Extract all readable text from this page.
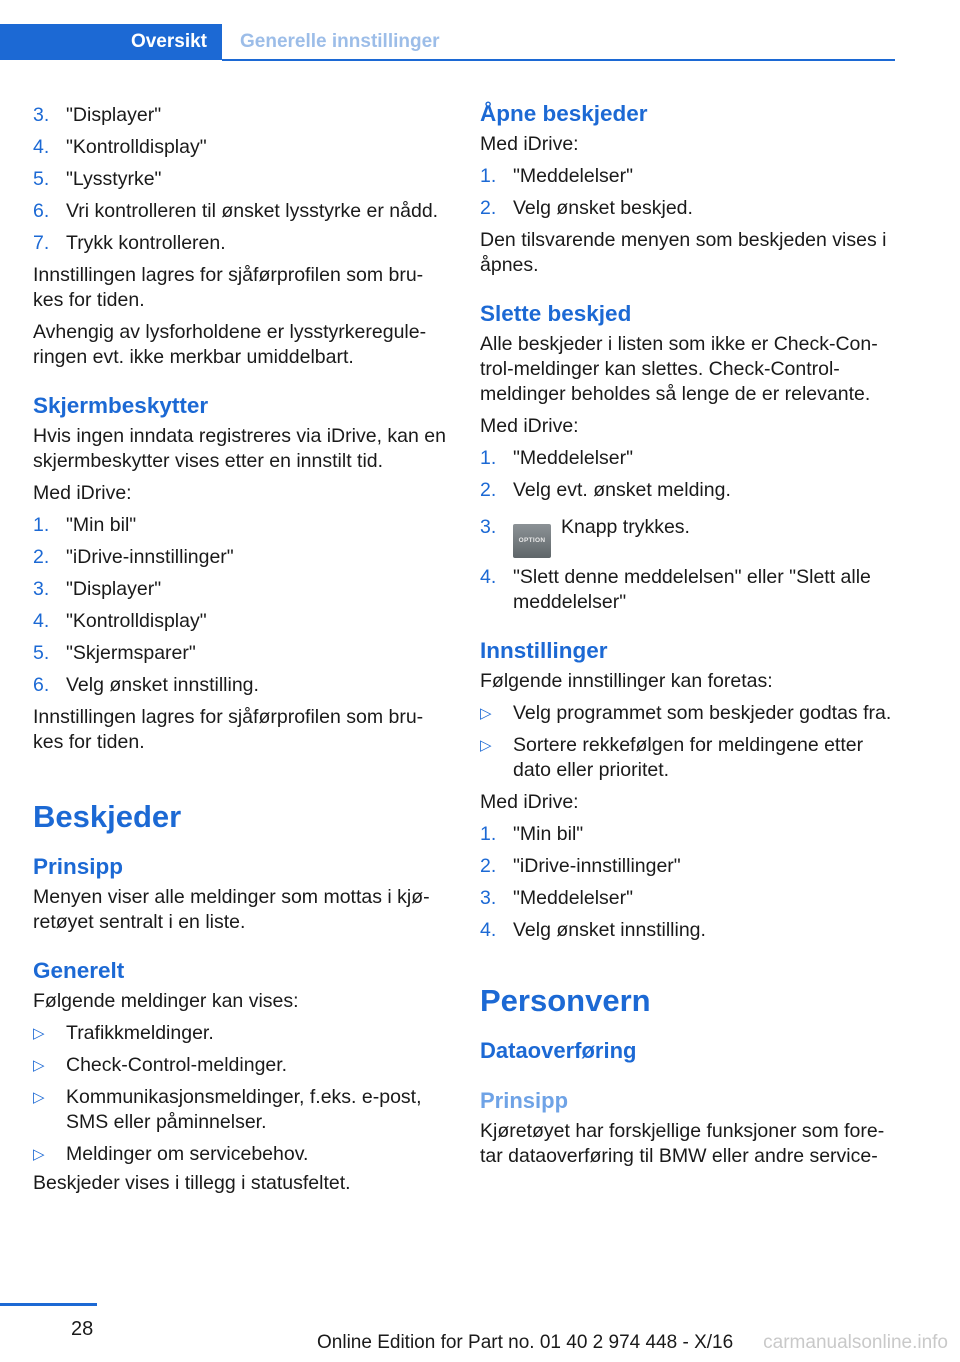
Oversikt	Generelle innstillinger
3. "Displayer"
4. "Kontrolldisplay"
5. "Lysstyrke"
6. Vri kontrolleren til ønsket lysstyrke er nådd.
7. Trykk kontrolleren.
Innstillingen lagres for sjåførprofilen som bru-kes for tiden.
Avhengig av lysforholdene er lysstyrkeregule-ringen evt. ikke merkbar umiddelbart.
Skjermbeskytter
Hvis ingen inndata registreres via iDrive, kan en skjermbeskytter vises etter en innstilt tid.
Med iDrive:
1. "Min bil"
2. "iDrive-innstillinger"
3. "Displayer"
4. "Kontrolldisplay"
5. "Skjermsparer"
6. Velg ønsket innstilling.
Innstillingen lagres for sjåførprofilen som bru-kes for tiden.
Beskjeder
Prinsipp
Menyen viser alle meldinger som mottas i kjø-retøyet sentralt i en liste.
Generelt
Følgende meldinger kan vises:
▷ Trafikkmeldinger.
▷ Check-Control-meldinger.
▷ Kommunikasjonsmeldinger, f.eks. e-post, SMS eller påminnelser.
▷ Meldinger om servicebehov.
Beskjeder vises i tillegg i statusfeltet.
Åpne beskjeder
Med iDrive:
1. "Meddelelser"
2. Velg ønsket beskjed.
Den tilsvarende menyen som beskjeden vises i åpnes.
Slette beskjed
Alle beskjeder i listen som ikke er Check-Con-trol-meldinger kan slettes. Check-Control-meldinger beholdes så lenge de er relevante.
Med iDrive:
1. "Meddelelser"
2. Velg evt. ønsket melding.
3.
OPTIONKnapp trykkes.
4. "Slett denne meddelelsen" eller "Slett alle meddelelser"
Innstillinger
Følgende innstillinger kan foretas:
▷ Velg programmet som beskjeder godtas fra.
▷ Sortere rekkefølgen for meldingene etter dato eller prioritet.
Med iDrive:
1. "Min bil"
2. "iDrive-innstillinger"
3. "Meddelelser"
4. Velg ønsket innstilling.
Personvern
Dataoverføring
Prinsipp
Kjøretøyet har forskjellige funksjoner som fore-tar dataoverføring til BMW eller andre service-
28
Online Edition for Part no. 01 40 2 974 448 - X/16 carmanualsonline.info
